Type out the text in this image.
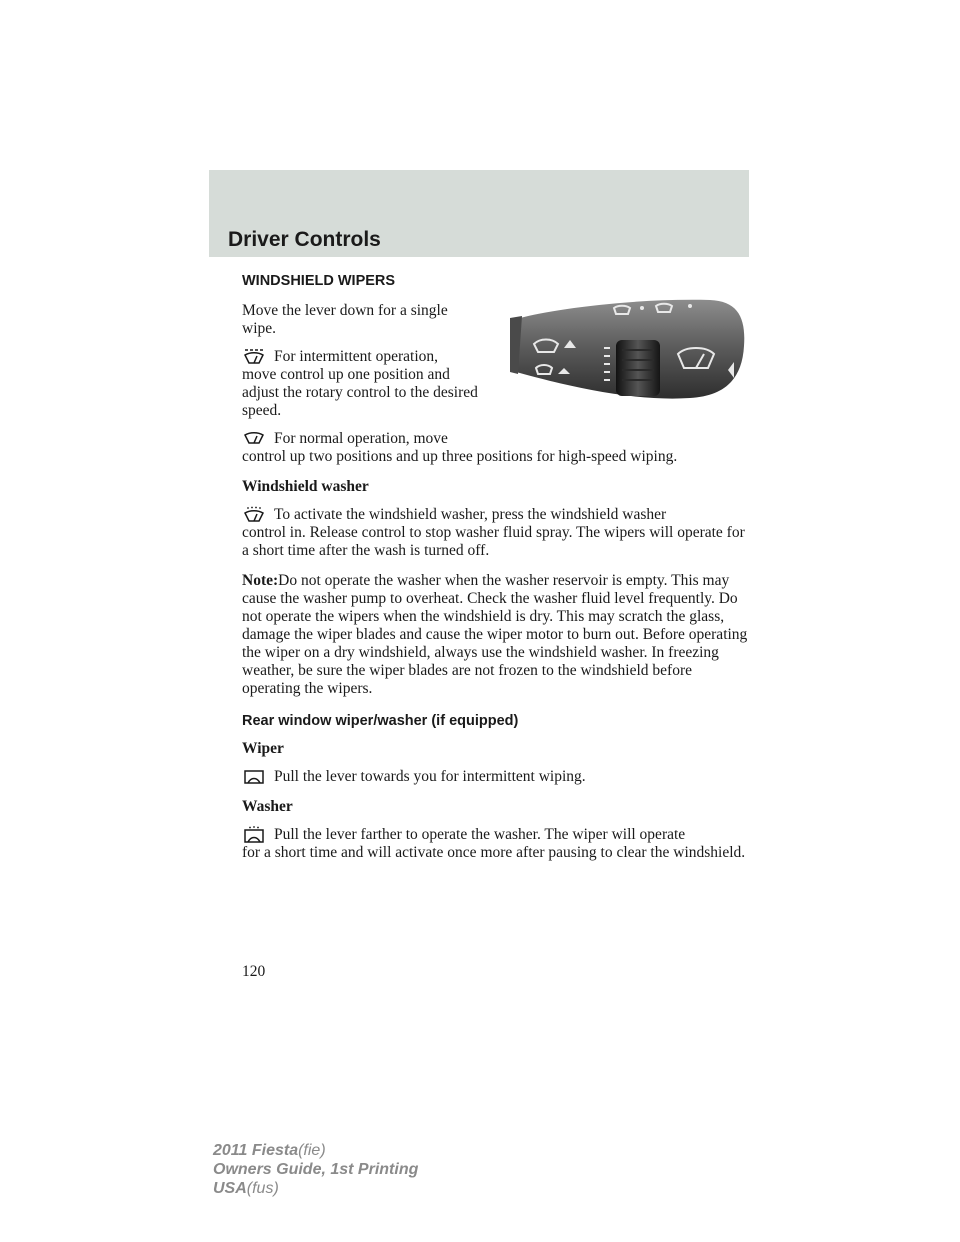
Driver Controls
WINDSHIELD WIPERS

Move the lever down for a single wipe.

For intermittent operation,

move control up one position and adjust the rotary control to the desired speed.

For normal operation, move

control up two positions and up three positions for high-speed wiping.

Windshield washer
To activate the windshield washer, press the windshield washer

control in. Release control to stop washer fluid spray. The wipers will operate for a short time after the wash is turned off.

Note:Do not operate the washer when the washer reservoir is empty. This may cause the washer pump to overheat. Check the washer fluid level frequently. Do not operate the wipers when the windshield is dry. This may scratch the glass, damage the wiper blades and cause the wiper motor to burn out. Before operating the wiper on a dry windshield, always use the windshield washer. In freezing weather, be sure the wiper blades are not frozen to the windshield before operating the wipers.

Rear window wiper/washer (if equipped)
Wiper
Pull the lever towards you for intermittent wiping.
Washer
Pull the lever farther to operate the washer. The wiper will operate

for a short time and will activate once more after pausing to clear the windshield.

120
2011 Fiesta(fie)
Owners Guide, 1st Printing
USA(fus)
